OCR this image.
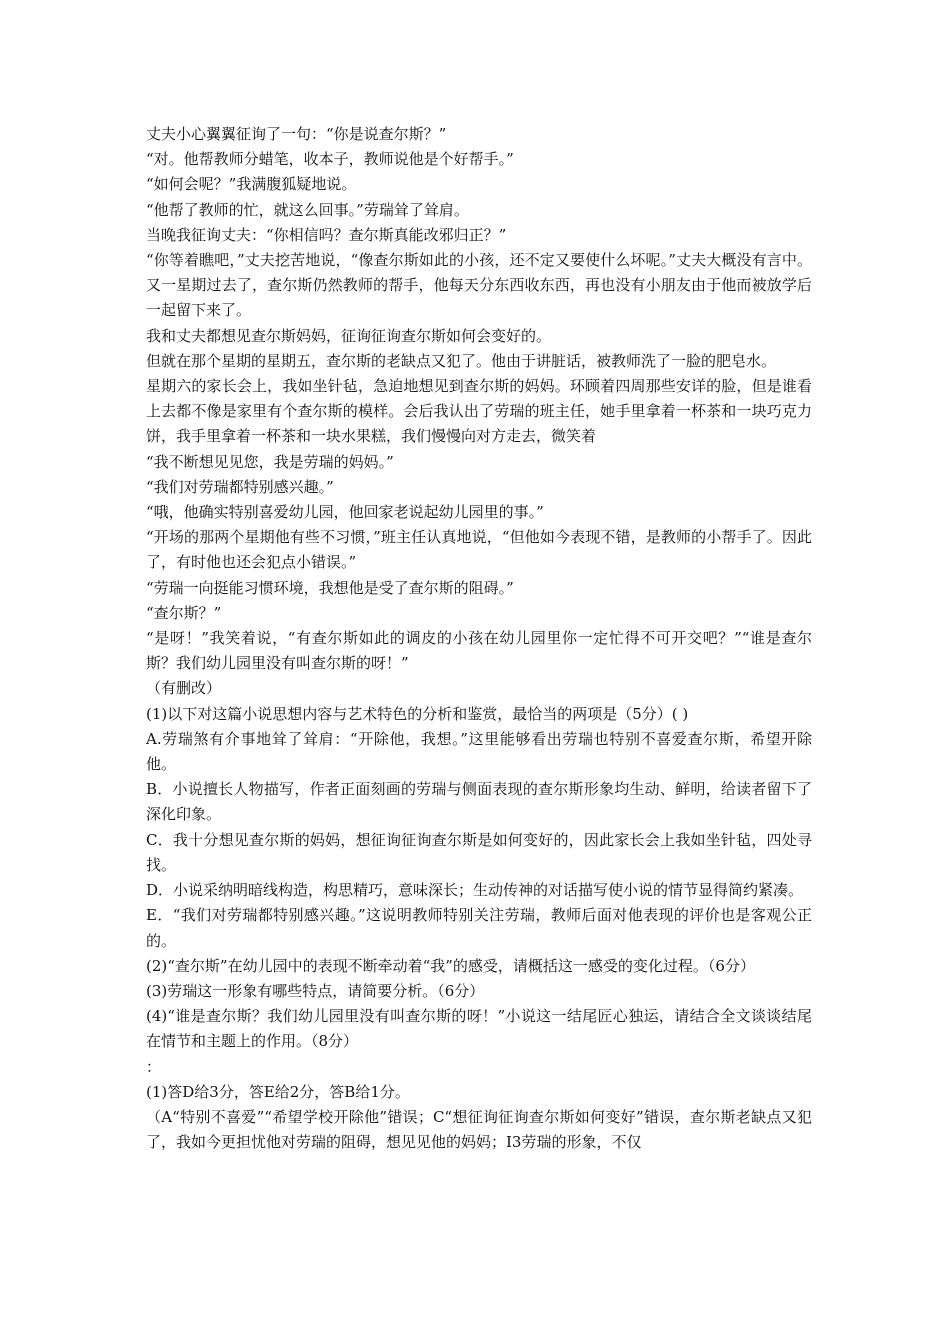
丈夫小心翼翼征询了一句：“你是说查尔斯？”

“对。他帮教师分蜡笔，收本子，教师说他是个好帮手。”

“如何会呢？”我满腹狐疑地说。

“他帮了教师的忙，就这么回事。”劳瑞耸了耸肩。

当晚我征询丈夫：“你相信吗？查尔斯真能改邪归正？”

“你等着瞧吧，”丈夫挖苦地说，“像查尔斯如此的小孩，还不定又要使什么坏呢。”丈夫大概没有言中。又一星期过去了，查尔斯仍然教师的帮手，他每天分东西收东西，再也没有小朋友由于他而被放学后一起留下来了。

我和丈夫都想见查尔斯妈妈，征询征询查尔斯如何会变好的。

但就在那个星期的星期五，查尔斯的老缺点又犯了。他由于讲脏话，被教师洗了一脸的肥皂水。

星期六的家长会上，我如坐针毡，急迫地想见到查尔斯的妈妈。环顾着四周那些安详的脸，但是谁看上去都不像是家里有个查尔斯的模样。会后我认出了劳瑞的班主任，她手里拿着一杯茶和一块巧克力饼，我手里拿着一杯茶和一块水果糕，我们慢慢向对方走去，微笑着

“我不断想见见您，我是劳瑞的妈妈。”

“我们对劳瑞都特别感兴趣。”

“哦，他确实特别喜爱幼儿园，他回家老说起幼儿园里的事。”

“开场的那两个星期他有些不习惯，”班主任认真地说，“但他如今表现不错，是教师的小帮手了。因此了，有时他也还会犯点小错误。”

“劳瑞一向挺能习惯环境，我想他是受了查尔斯的阻碍。”

“查尔斯？”

“是呀！”我笑着说，“有查尔斯如此的调皮的小孩在幼儿园里你一定忙得不可开交吧？”“谁是查尔斯？我们幼儿园里没有叫查尔斯的呀！”

（有删改）

(1)以下对这篇小说思想内容与艺术特色的分析和鉴赏，最恰当的两项是（5分）( )

A.劳瑞煞有介事地耸了耸肩：“开除他，我想。”这里能够看出劳瑞也特别不喜爱查尔斯，希望开除他。

B．小说擅长人物描写，作者正面刻画的劳瑞与侧面表现的查尔斯形象均生动、鲜明，给读者留下了深化印象。

C．我十分想见查尔斯的妈妈，想征询征询查尔斯是如何变好的，因此家长会上我如坐针毡，四处寻找。

D．小说采纳明暗线构造，构思精巧，意味深长；生动传神的对话描写使小说的情节显得简约紧凑。

E．“我们对劳瑞都特别感兴趣。”这说明教师特别关注劳瑞，教师后面对他表现的评价也是客观公正的。

(2)“查尔斯”在幼儿园中的表现不断牵动着“我”的感受，请概括这一感受的变化过程。（6分）

(3)劳瑞这一形象有哪些特点，请简要分析。（6分）

(4)“谁是查尔斯？我们幼儿园里没有叫查尔斯的呀！”小说这一结尾匠心独运，请结合全文谈谈结尾在情节和主题上的作用。（8分）

：

(1)答D给3分，答E给2分，答B给1分。

（A“特别不喜爱”“希望学校开除他”错误；C“想征询征询查尔斯如何变好”错误，查尔斯老缺点又犯了，我如今更担忧他对劳瑞的阻碍，想见见他的妈妈；I3劳瑞的形象，不仅
